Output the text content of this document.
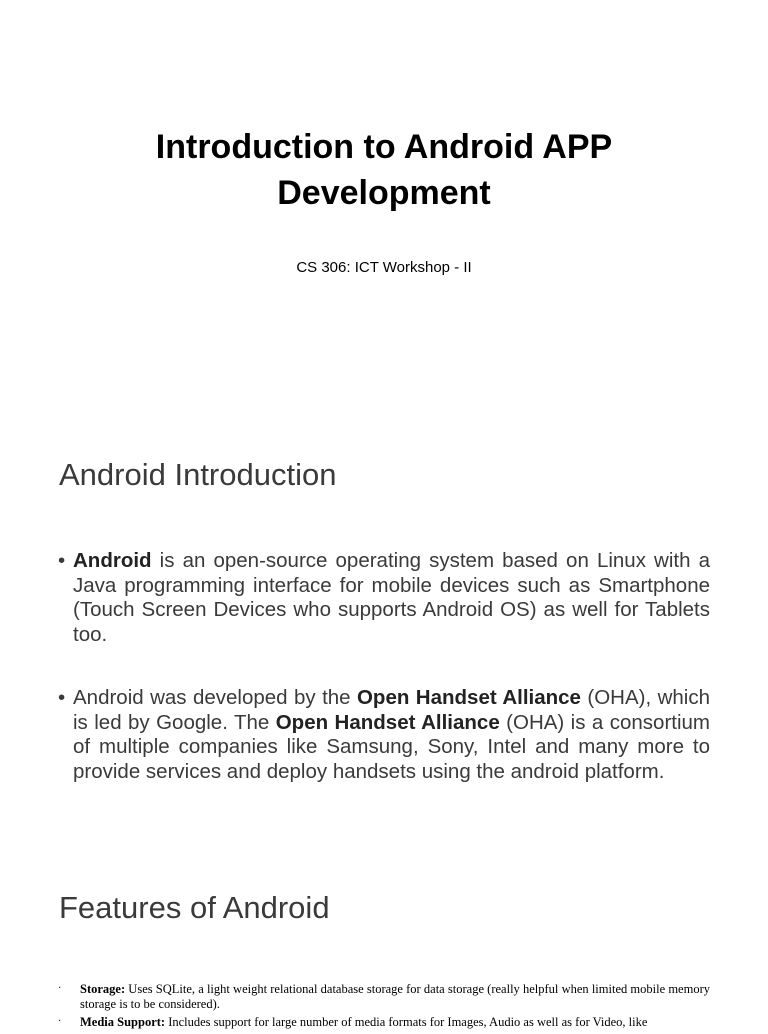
Introduction to Android APP
Development
CS 306: ICT Workshop - II
Android Introduction
• Android is an open-source operating system based on Linux with a Java programming interface for mobile devices such as Smartphone (Touch Screen Devices who supports Android OS) as well for Tablets too.
• Android was developed by the Open Handset Alliance (OHA), which is led by Google. The Open Handset Alliance (OHA) is a consortium of multiple companies like Samsung, Sony, Intel and many more to provide services and deploy handsets using the android platform.
Features of Android
· Storage: Uses SQLite, a light weight relational database storage for data storage (really helpful when limited mobile memory storage is to be considered).
· Media Support: Includes support for large number of media formats for Images, Audio as well as for Video, like
